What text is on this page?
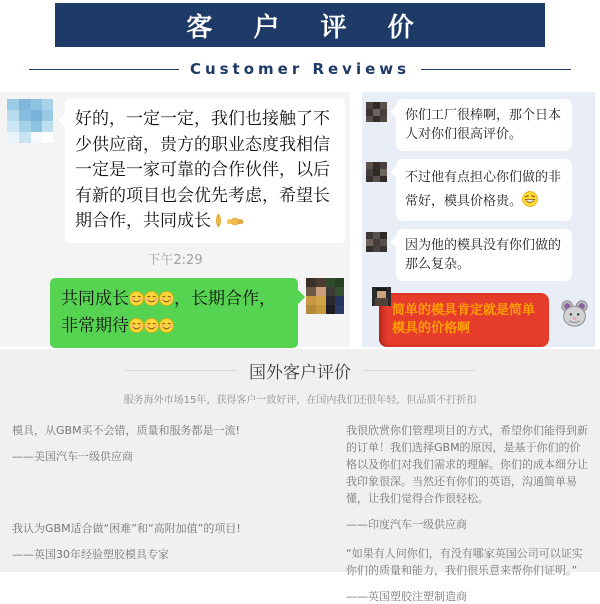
客 户 评 价
Customer Reviews
好的，一定一定，我们也接触了不少供应商，贵方的职业态度我相信一定是一家可靠的合作伙伴，以后有新的项目也会优先考虑，希望长期合作，共同成长
下午2:29
共同成长	，长期合作，非常期待
你们工厂很棒啊，那个日本人对你们很高评价。
不过他有点担心你们做的非常好，模具价格贵。
因为他的模具没有你们做的那么复杂。
简单的模具肯定就是简单模具的价格啊
国外客户评价
服务海外市场15年，获得客户一致好评，在国内我们还很年轻，但品质不打折扣
模具，从GBM买不会错，质量和服务都是一流!
——美国汽车一级供应商
我认为GBM适合做“困难”和“高附加值”的项目!
——英国30年经验塑胶模具专家
我很欣赏你们管理项目的方式，希望你们能得到新的订单！我们选择GBM的原因，是基于你们的价格以及你们对我们需求的理解。你们的成本细分让我印象很深。当然还有你们的英语，沟通简单易懂，让我们觉得合作很轻松。
——印度汽车一级供应商
“如果有人问你们，有没有哪家英国公司可以证实你们的质量和能力，我们很乐意来帮你们证明。”
——英国塑胶注塑制造商
